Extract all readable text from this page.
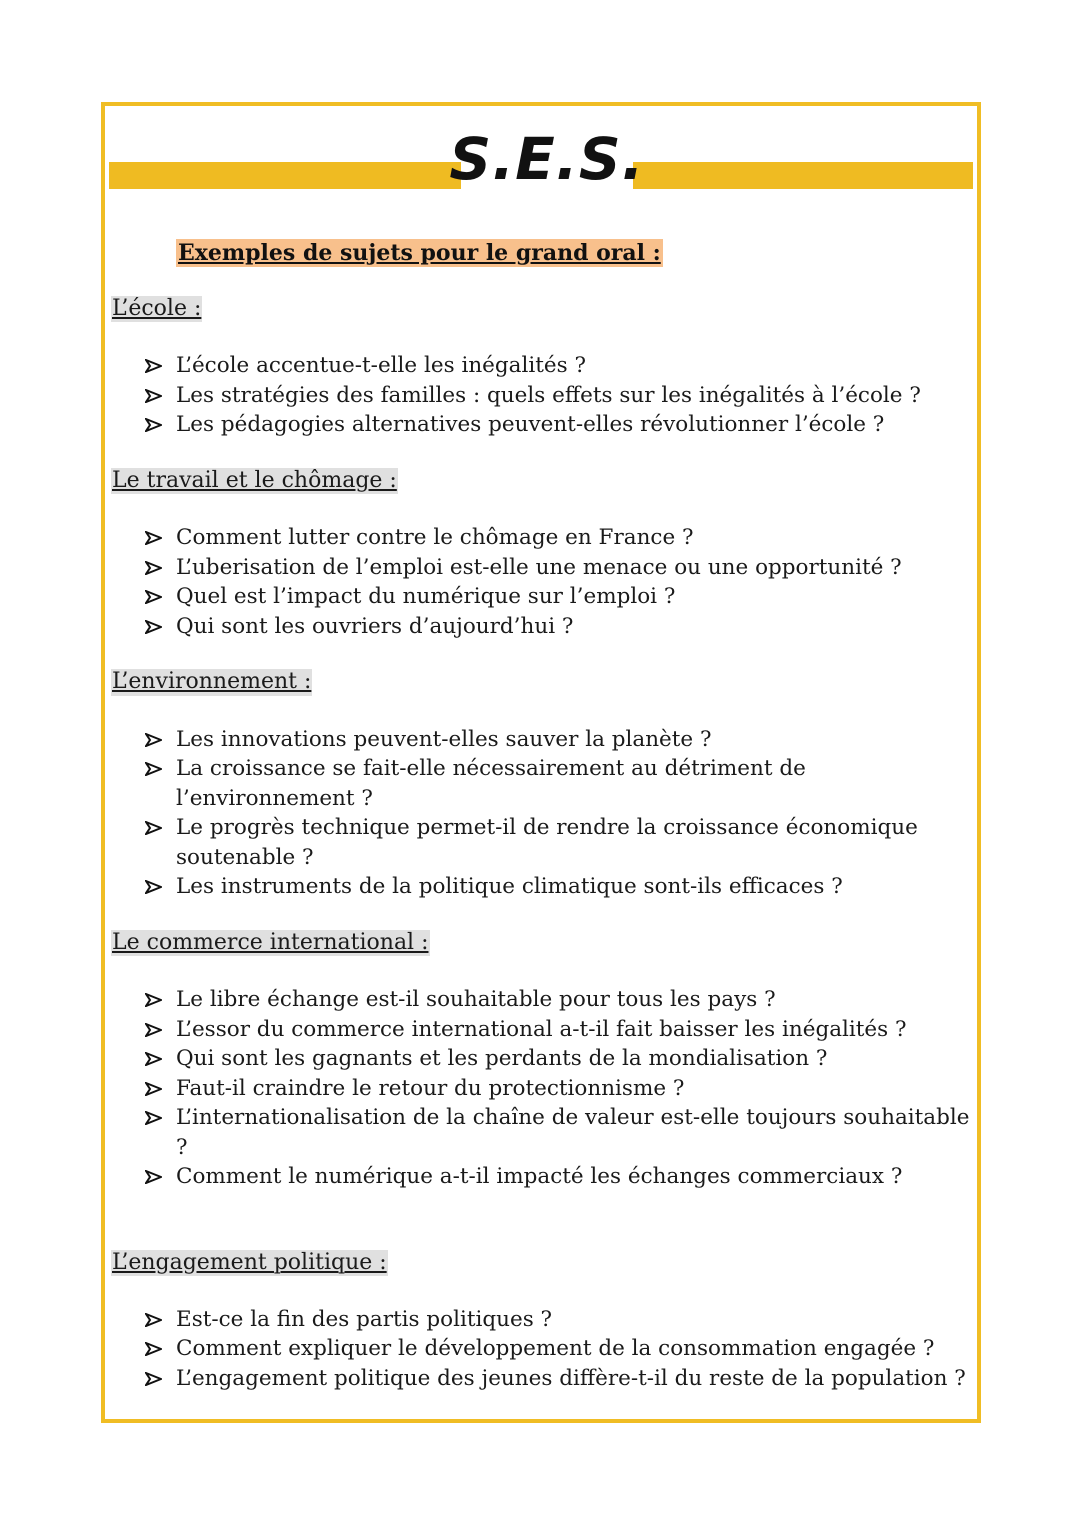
S.E.S.
Exemples de sujets pour le grand oral :
L’école :
L’école accentue-t-elle les inégalités ?
Les stratégies des familles : quels effets sur les inégalités à l’école ?
Les pédagogies alternatives peuvent-elles révolutionner l’école ?
Le travail et le chômage :
Comment lutter contre le chômage en France ?
L’uberisation de l’emploi est-elle une menace ou une opportunité ?
Quel est l’impact du numérique sur l’emploi ?
Qui sont les ouvriers d’aujourd’hui ?
L’environnement :
Les innovations peuvent-elles sauver la planète ?
La croissance se fait-elle nécessairement au détriment de l’environnement ?
Le progrès technique permet-il de rendre la croissance économique soutenable ?
Les instruments de la politique climatique sont-ils efficaces ?
Le commerce international :
Le libre échange est-il souhaitable pour tous les pays ?
L’essor du commerce international a-t-il fait baisser les inégalités ?
Qui sont les gagnants et les perdants de la mondialisation ?
Faut-il craindre le retour du protectionnisme ?
L’internationalisation de la chaîne de valeur est-elle toujours souhaitable ?
Comment le numérique a-t-il impacté les échanges commerciaux ?
L’engagement politique :
Est-ce la fin des partis politiques ?
Comment expliquer le développement de la consommation engagée ?
L’engagement politique des jeunes diffère-t-il du reste de la population ?
